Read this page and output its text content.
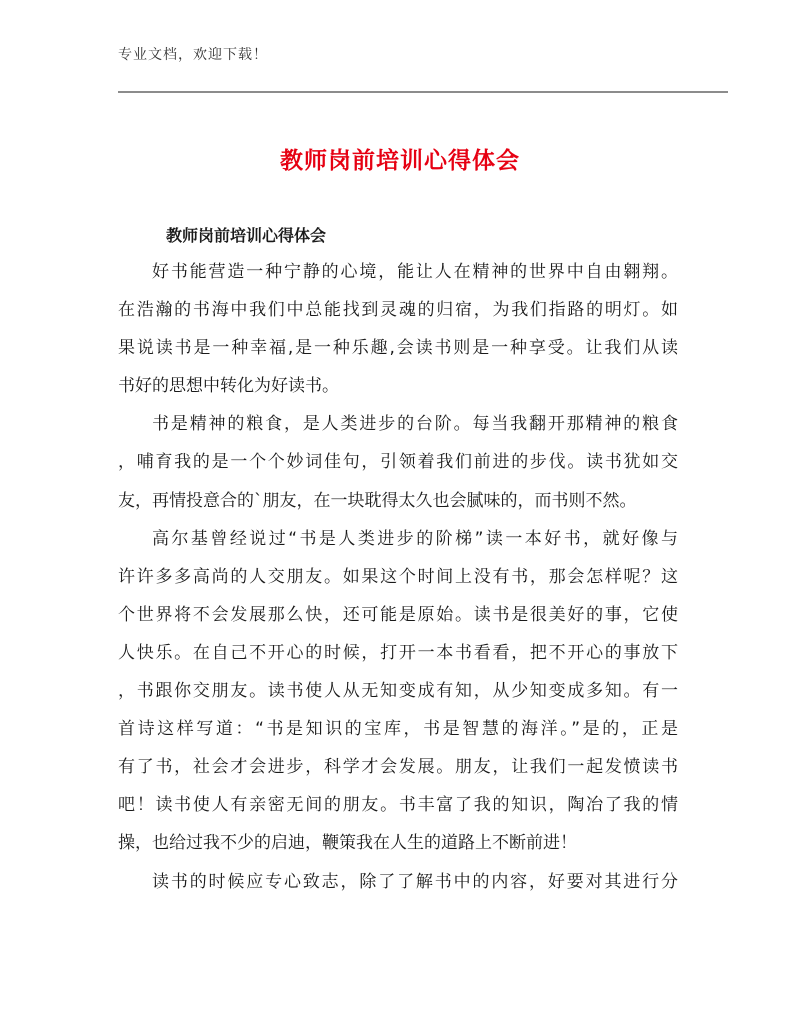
专业文档，欢迎下载！
教师岗前培训心得体会
教师岗前培训心得体会
好书能营造一种宁静的心境，能让人在精神的世界中自由翱翔。
在浩瀚的书海中我们中总能找到灵魂的归宿，为我们指路的明灯。如
果说读书是一种幸福,是一种乐趣,会读书则是一种享受。让我们从读
书好的思想中转化为好读书。
书是精神的粮食，是人类进步的台阶。每当我翻开那精神的粮食
，哺育我的是一个个妙词佳句，引领着我们前进的步伐。读书犹如交
友，再情投意合的`朋友，在一块耽得太久也会腻味的，而书则不然。
高尔基曾经说过“书是人类进步的阶梯”读一本好书，就好像与
许许多多高尚的人交朋友。如果这个时间上没有书，那会怎样呢？这
个世界将不会发展那么快，还可能是原始。读书是很美好的事，它使
人快乐。在自己不开心的时候，打开一本书看看，把不开心的事放下
，书跟你交朋友。读书使人从无知变成有知，从少知变成多知。有一
首诗这样写道：“书是知识的宝库，书是智慧的海洋。”是的，正是
有了书，社会才会进步，科学才会发展。朋友，让我们一起发愤读书
吧！读书使人有亲密无间的朋友。书丰富了我的知识，陶冶了我的情
操，也给过我不少的启迪，鞭策我在人生的道路上不断前进！
读书的时候应专心致志，除了了解书中的内容，好要对其进行分
